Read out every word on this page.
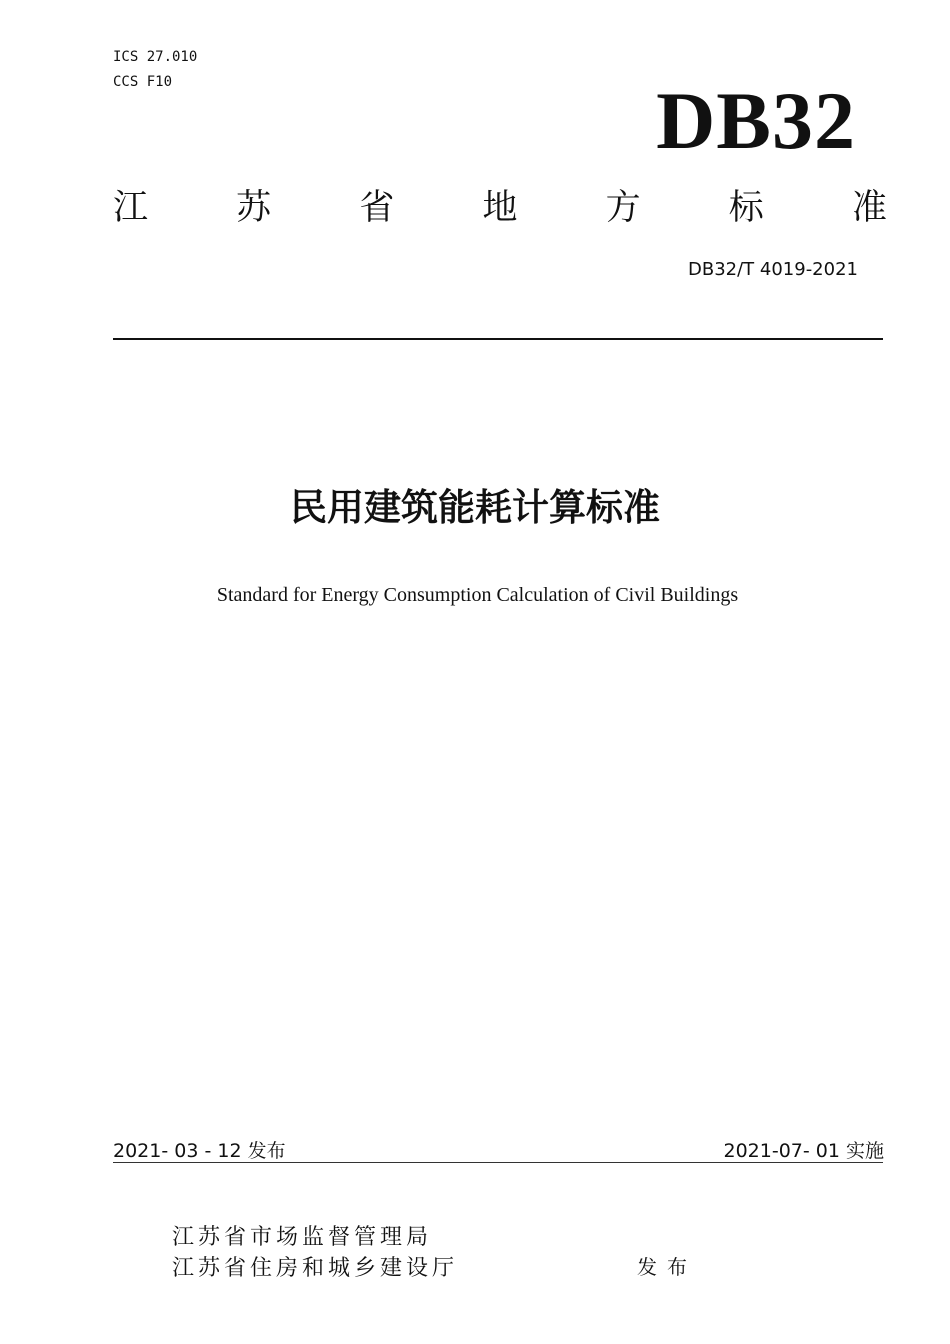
ICS 27.010
CCS F10	DB32
江	苏	省	地	方	标	准
DB32/T 4019-2021
民用建筑能耗计算标准
Standard for Energy Consumption Calculation of Civil Buildings
2021- 03 - 12 发布	2021-07- 01 实施
江苏省市场监督管理局
江苏省住房和城乡建设厅	发布
